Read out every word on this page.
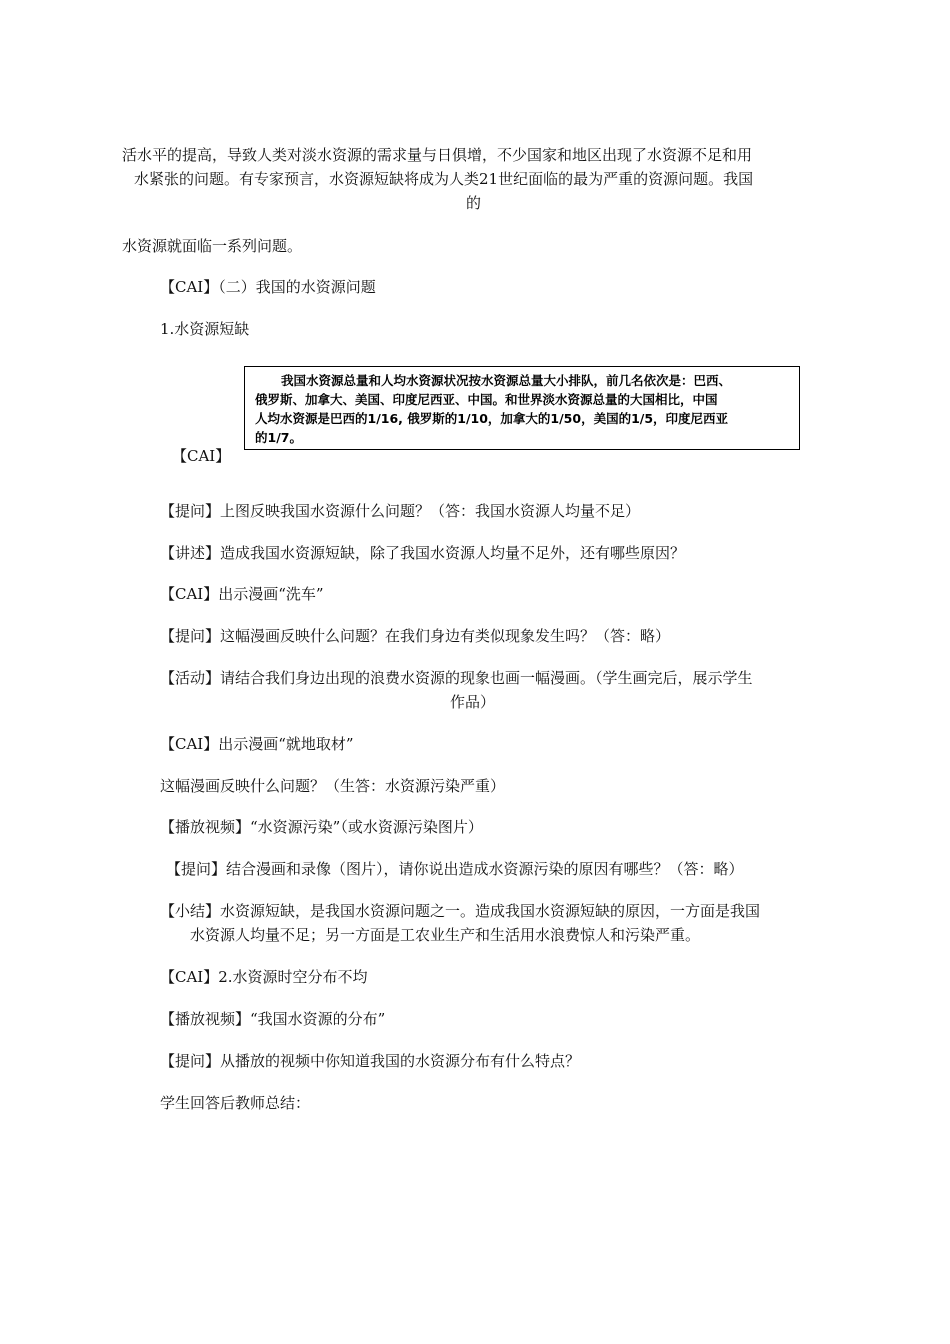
活水平的提高，导致人类对淡水资源的需求量与日俱增，不少国家和地区出现了水资源不足和用
水紧张的问题。有专家预言，水资源短缺将成为人类21世纪面临的最为严重的资源问题。我国
的
水资源就面临一系列问题。
【CAI】（二）我国的水资源问题
1.水资源短缺
我国水资源总量和人均水资源状况按水资源总量大小排队，前几名依次是：巴西、
俄罗斯、加拿大、美国、印度尼西亚、中国。和世界淡水资源总量的大国相比，中国
人均水资源是巴西的1/16, 俄罗斯的1/10，加拿大的1/50，美国的1/5，印度尼西亚
的1/7。
【CAI】
【提问】上图反映我国水资源什么问题？（答：我国水资源人均量不足）
【讲述】造成我国水资源短缺，除了我国水资源人均量不足外，还有哪些原因？
【CAI】出示漫画“洗车”
【提问】这幅漫画反映什么问题？在我们身边有类似现象发生吗？（答：略）
【活动】请结合我们身边出现的浪费水资源的现象也画一幅漫画。（学生画完后，展示学生
作品）
【CAI】出示漫画“就地取材”
这幅漫画反映什么问题？（生答：水资源污染严重）
【播放视频】“水资源污染”（或水资源污染图片）
【提问】结合漫画和录像（图片），请你说出造成水资源污染的原因有哪些？（答：略）
【小结】水资源短缺，是我国水资源问题之一。造成我国水资源短缺的原因，一方面是我国
水资源人均量不足；另一方面是工农业生产和生活用水浪费惊人和污染严重。
【CAI】2.水资源时空分布不均
【播放视频】“我国水资源的分布”
【提问】从播放的视频中你知道我国的水资源分布有什么特点？
学生回答后教师总结：
